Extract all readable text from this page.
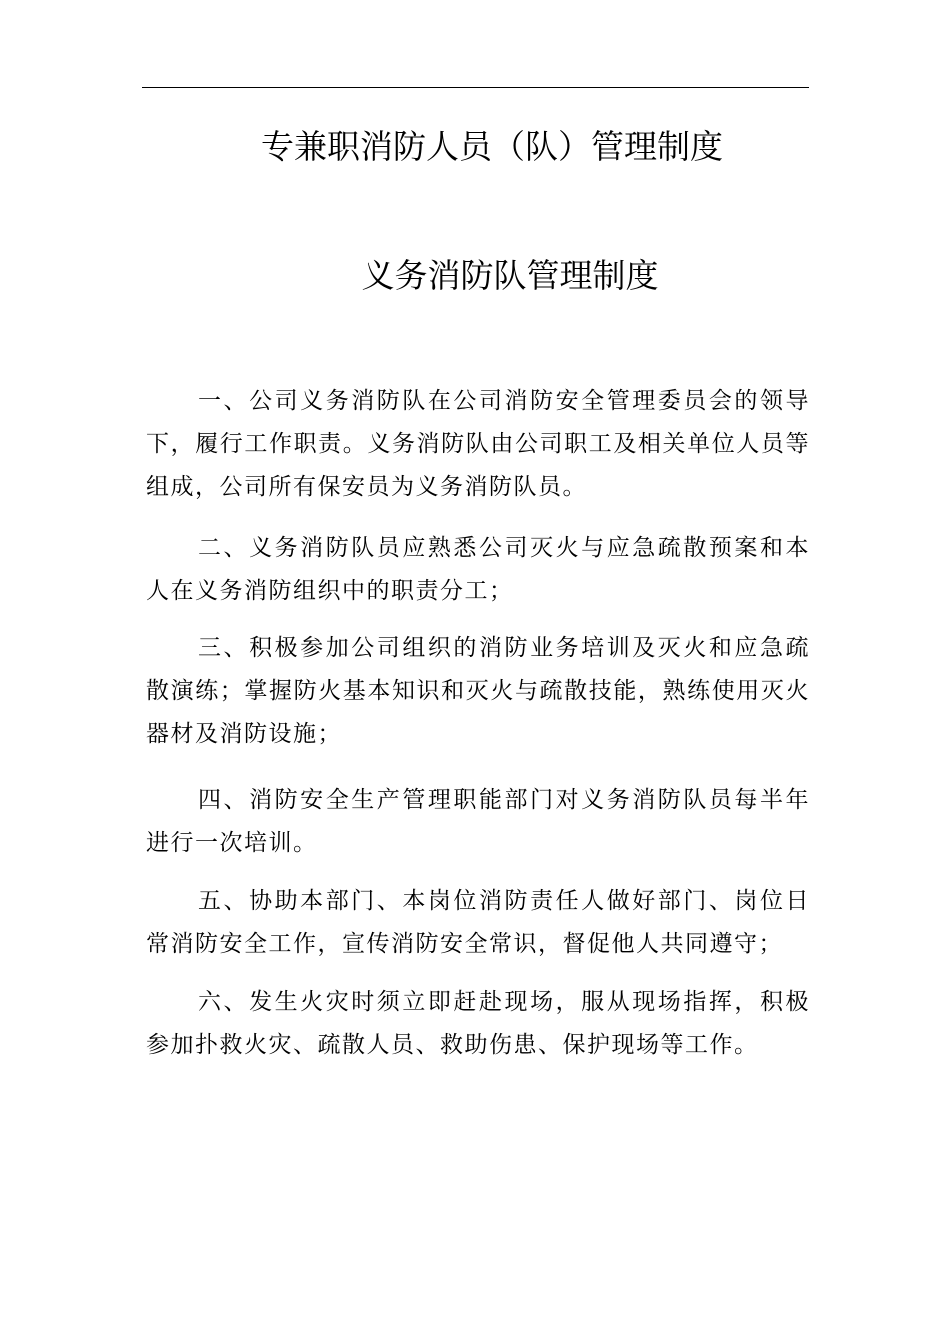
专兼职消防人员（队）管理制度
义务消防队管理制度

一、公司义务消防队在公司消防安全管理委员会的领导下，履行工作职责。义务消防队由公司职工及相关单位人员等组成，公司所有保安员为义务消防队员。

二、义务消防队员应熟悉公司灭火与应急疏散预案和本人在义务消防组织中的职责分工；

三、积极参加公司组织的消防业务培训及灭火和应急疏散演练；掌握防火基本知识和灭火与疏散技能，熟练使用灭火器材及消防设施；

四、消防安全生产管理职能部门对义务消防队员每半年进行一次培训。

五、协助本部门、本岗位消防责任人做好部门、岗位日常消防安全工作，宣传消防安全常识，督促他人共同遵守；

六、发生火灾时须立即赶赴现场，服从现场指挥，积极参加扑救火灾、疏散人员、救助伤患、保护现场等工作。
